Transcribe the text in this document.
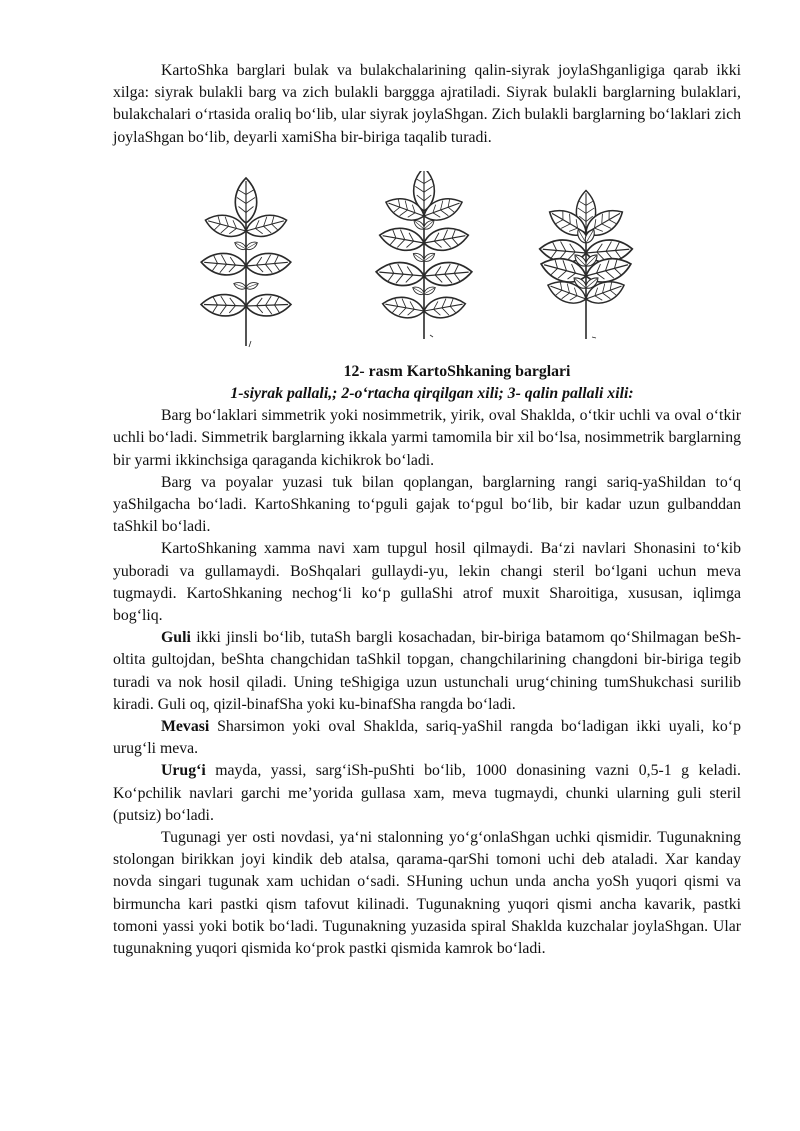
KartoShka barglari bulak va bulakchalarining qalin-siyrak joylaShganligiga qarab ikki xilga: siyrak bulakli barg va zich bulakli barggga ajratiladi. Siyrak bulakli barglarning bulaklari, bulakchalari o‘rtasida oraliq bo‘lib, ular siyrak joylaShgan. Zich bulakli barglarning bo‘laklari zich joylaShgan bo‘lib, deyarli xamiSha bir-biriga taqalib turadi.

12- rasm KartoShkaning barglari

1-siyrak pallali,; 2-o‘rtacha qirqilgan xili; 3- qalin pallali xili:

Barg bo‘laklari simmetrik yoki nosimmetrik, yirik, oval Shaklda, o‘tkir uchli va oval o‘tkir uchli bo‘ladi. Simmetrik barglarning ikkala yarmi tamomila bir xil bo‘lsa, nosimmetrik barglarning bir yarmi ikkinchsiga qaraganda kichikrok bo‘ladi.

Barg va poyalar yuzasi tuk bilan qoplangan, barglarning rangi sariq-yaShildan to‘q yaShilgacha bo‘ladi. KartoShkaning to‘pguli gajak to‘pgul bo‘lib, bir kadar uzun gulbanddan taShkil bo‘ladi.

KartoShkaning xamma navi xam tupgul hosil qilmaydi. Ba‘zi navlari Shonasini to‘kib yuboradi va gullamaydi. BoShqalari gullaydi-yu, lekin changi steril bo‘lgani uchun meva tugmaydi. KartoShkaning nechog‘li ko‘p gullaShi atrof muxit Sharoitiga, xususan, iqlimga bog‘liq.

Guli ikki jinsli bo‘lib, tutaSh bargli kosachadan, bir-biriga batamom qo‘Shilmagan beSh-oltita gultojdan, beShta changchidan taShkil topgan, changchilarining changdoni bir-biriga tegib turadi va nok hosil qiladi. Uning teShigiga uzun ustunchali urug‘chining tumShukchasi surilib kiradi. Guli oq, qizil-binafSha yoki ku-binafSha rangda bo‘ladi.

Mevasi Sharsimon yoki oval Shaklda, sariq-yaShil rangda bo‘ladigan ikki uyali, ko‘p urug‘li meva.

Urug‘i mayda, yassi, sarg‘iSh-puShti bo‘lib, 1000 donasining vazni 0,5-1 g keladi. Ko‘pchilik navlari garchi me’yorida gullasa xam, meva tugmaydi, chunki ularning guli steril (putsiz) bo‘ladi.

Tugunagi yer osti novdasi, ya‘ni stalonning yo‘g‘onlaShgan uchki qismidir. Tugunakning stolongan birikkan joyi kindik deb atalsa, qarama-qarShi tomoni uchi deb ataladi. Xar kanday novda singari tugunak xam uchidan o‘sadi. SHuning uchun unda ancha yoSh yuqori qismi va birmuncha kari pastki qism tafovut kilinadi. Tugunakning yuqori qismi ancha kavarik, pastki tomoni yassi yoki botik bo‘ladi. Tugunakning yuzasida spiral Shaklda kuzchalar joylaShgan. Ular tugunakning yuqori qismida ko‘prok pastki qismida kamrok bo‘ladi.
